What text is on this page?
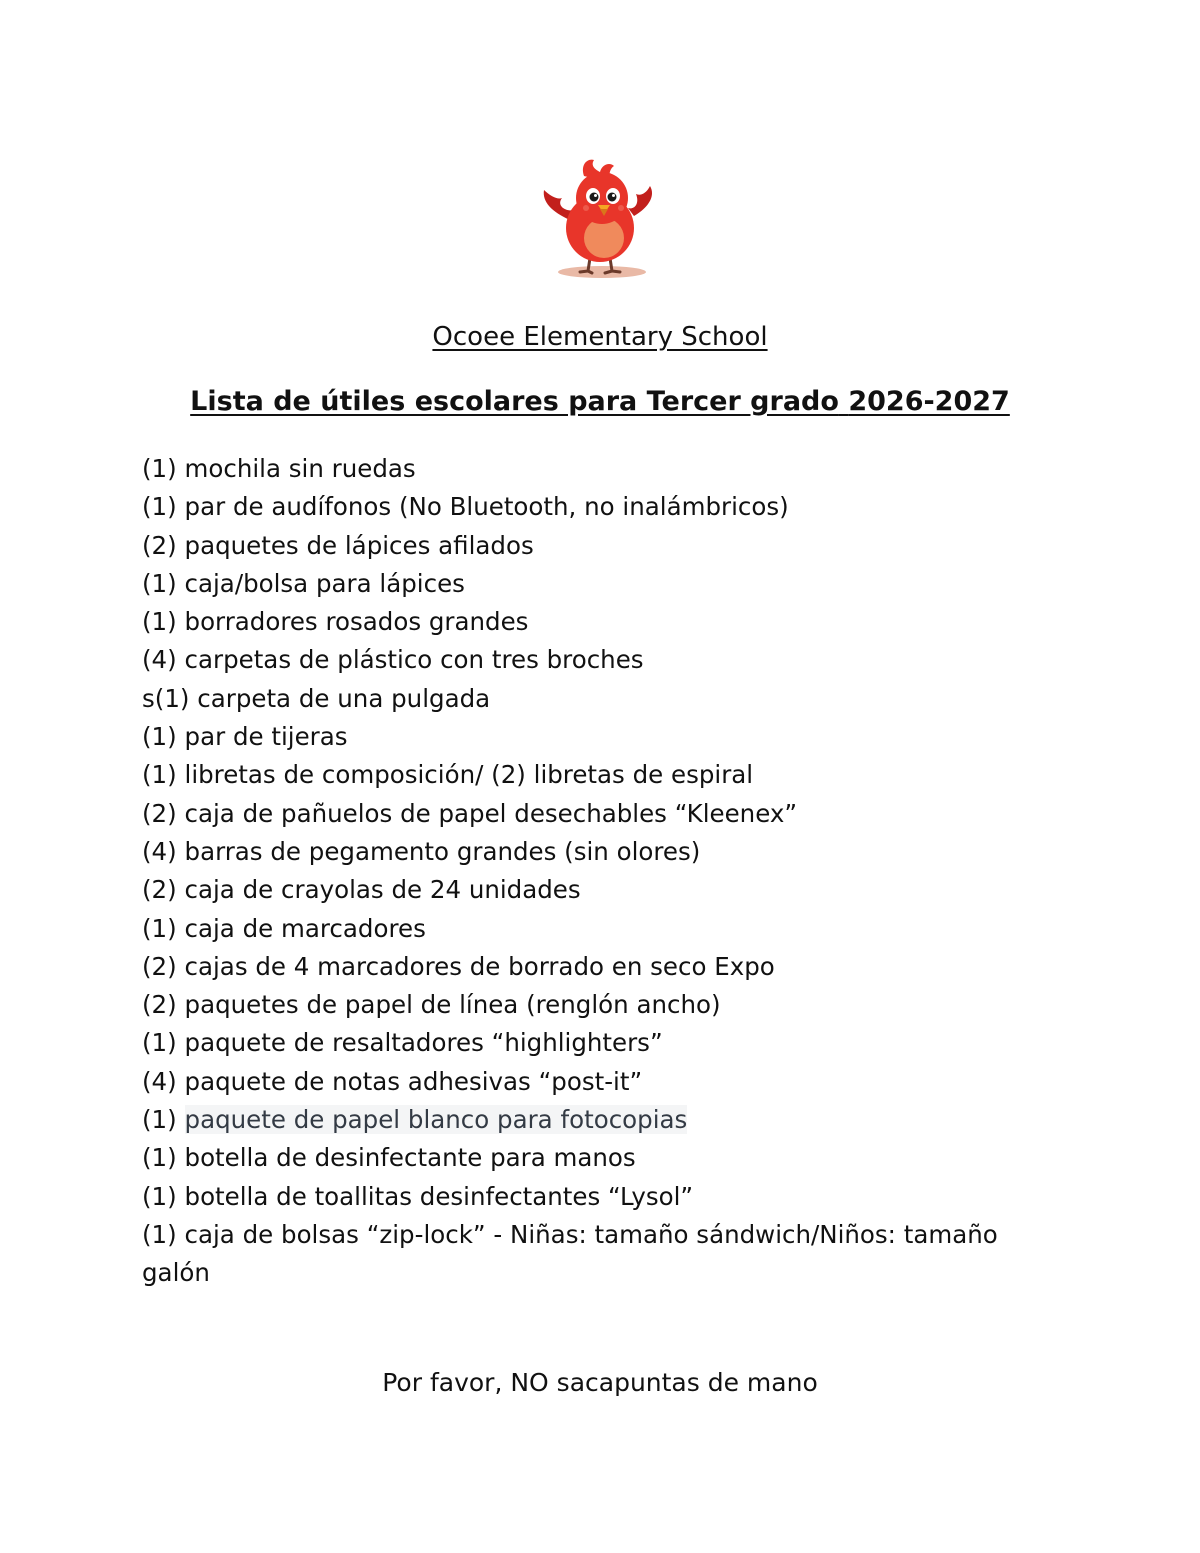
Ocoee Elementary School
Lista de útiles escolares para Tercer grado 2026-2027
(1) mochila sin ruedas
(1) par de audífonos (No Bluetooth, no inalámbricos)
(2) paquetes de lápices afilados
(1) caja/bolsa para lápices
(1) borradores rosados grandes
(4) carpetas de plástico con tres broches
s(1) carpeta de una pulgada
(1) par de tijeras
(1) libretas de composición/ (2) libretas de espiral
(2) caja de pañuelos de papel desechables “Kleenex”
(4) barras de pegamento grandes (sin olores)
(2) caja de crayolas de 24 unidades
(1) caja de marcadores
(2) cajas de 4 marcadores de borrado en seco Expo
(2) paquetes de papel de línea (renglón ancho)
(1) paquete de resaltadores “highlighters”
(4) paquete de notas adhesivas “post-it”
(1) paquete de papel blanco para fotocopias
(1) botella de desinfectante para manos
(1) botella de toallitas desinfectantes “Lysol”
(1) caja de bolsas “zip-lock” - Niñas: tamaño sándwich/Niños: tamaño galón

Por favor, NO sacapuntas de mano
